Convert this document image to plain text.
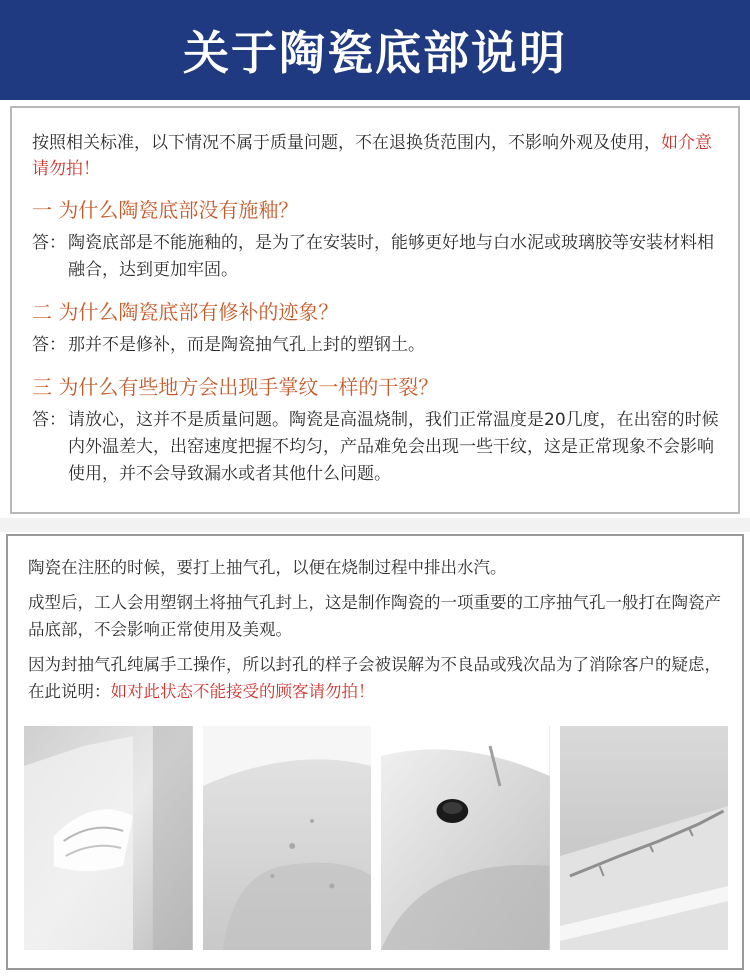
关于陶瓷底部说明
按照相关标准，以下情况不属于质量问题，不在退换货范围内，不影响外观及使用，如介意请勿拍！
一 为什么陶瓷底部没有施釉？
答： 陶瓷底部是不能施釉的，是为了在安装时，能够更好地与白水泥或玻璃胶等安装材料相融合，达到更加牢固。
二 为什么陶瓷底部有修补的迹象？
答： 那并不是修补，而是陶瓷抽气孔上封的塑钢土。
三 为什么有些地方会出现手掌纹一样的干裂？
答： 请放心，这并不是质量问题。陶瓷是高温烧制，我们正常温度是20几度，在出窑的时候内外温差大，出窑速度把握不均匀，产品难免会出现一些干纹，这是正常现象不会影响使用，并不会导致漏水或者其他什么问题。
陶瓷在注胚的时候，要打上抽气孔，以便在烧制过程中排出水汽。
成型后，工人会用塑钢土将抽气孔封上，这是制作陶瓷的一项重要的工序抽气孔一般打在陶瓷产品底部，不会影响正常使用及美观。
因为封抽气孔纯属手工操作，所以封孔的样子会被误解为不良品或残次品为了消除客户的疑虑，在此说明：如对此状态不能接受的顾客请勿拍！
